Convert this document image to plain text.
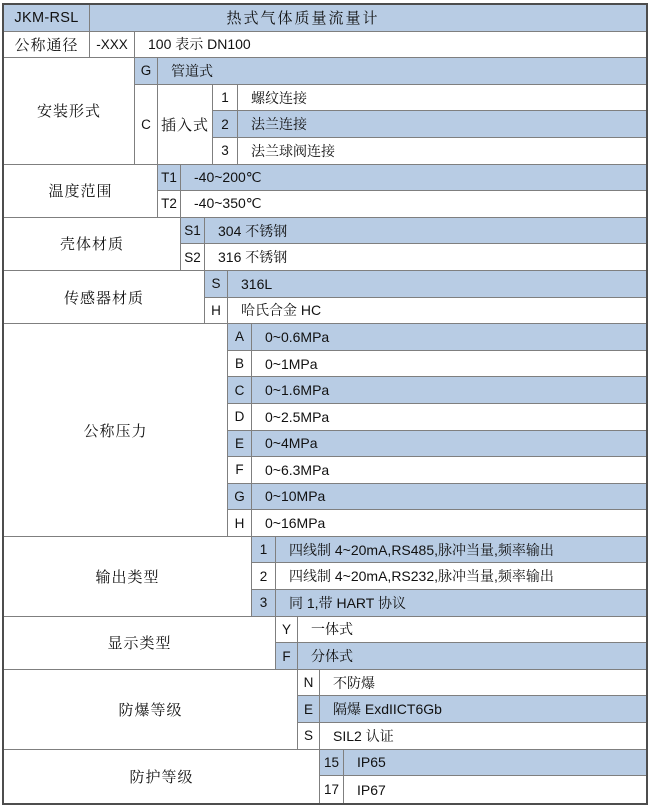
JKM-RSL	热式气体质量流量计
公称通径	-XXX	100 表示 DN100
安装形式
G	管道式
C 插入式
1	螺纹连接
2	法兰连接
3	法兰球阀连接
温度范围
T1	-40~200℃
T2	-40~350℃
壳体材质
S1	304 不锈钢
S2	316 不锈钢
传感器材质
S	316L
H	哈氏合金 HC
公称压力
A	0~0.6MPa
B	0~1MPa
C	0~1.6MPa
D	0~2.5MPa
E	0~4MPa
F	0~6.3MPa
G	0~10MPa
H	0~16MPa
输出类型
1	四线制 4~20mA,RS485,脉冲当量,频率输出
2	四线制 4~20mA,RS232,脉冲当量,频率输出
3	同 1,带 HART 协议
显示类型
Y	一体式
F	分体式
防爆等级
N	不防爆
E	隔爆 ExdIICT6Gb
S	SIL2 认证
防护等级
15	IP65
17	IP67
